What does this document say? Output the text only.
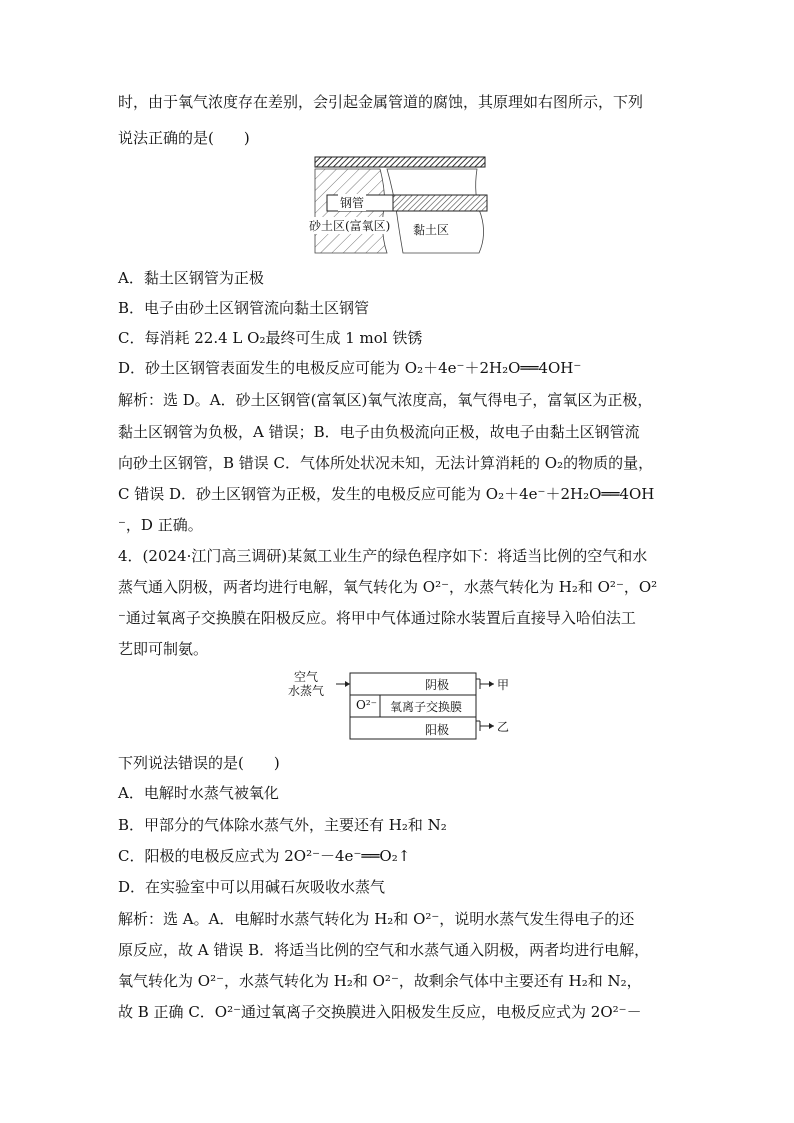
时，由于氧气浓度存在差别，会引起金属管道的腐蚀，其原理如右图所示，下列
说法正确的是(　　)
钢管
砂土区(富氧区) 黏土区
A．黏土区钢管为正极
B．电子由砂土区钢管流向黏土区钢管
C．每消耗 22.4 L O₂最终可生成 1 mol 铁锈
D．砂土区钢管表面发生的电极反应可能为 O₂＋4e⁻＋2H₂O══4OH⁻
解析：选 D。A．砂土区钢管(富氧区)氧气浓度高，氧气得电子，富氧区为正极，
黏土区钢管为负极，A 错误；B．电子由负极流向正极，故电子由黏土区钢管流
向砂土区钢管，B 错误 C．气体所处状况未知，无法计算消耗的 O₂的物质的量，
C 错误 D．砂土区钢管为正极，发生的电极反应可能为 O₂＋4e⁻＋2H₂O══4OH
⁻，D 正确。
4．(2024·江门高三调研)某氮工业生产的绿色程序如下：将适当比例的空气和水
蒸气通入阴极，两者均进行电解，氧气转化为 O²⁻，水蒸气转化为 H₂和 O²⁻，O²
⁻通过氧离子交换膜在阳极反应。将甲中气体通过除水装置后直接导入哈伯法工
艺即可制氨。
空气
水蒸气	阴极
O²⁻ 氧离子交换膜
阳极
甲
乙
下列说法错误的是(　　)
A．电解时水蒸气被氧化
B．甲部分的气体除水蒸气外，主要还有 H₂和 N₂
C．阳极的电极反应式为 2O²⁻－4e⁻══O₂↑
D．在实验室中可以用碱石灰吸收水蒸气
解析：选 A。A．电解时水蒸气转化为 H₂和 O²⁻，说明水蒸气发生得电子的还
原反应，故 A 错误 B．将适当比例的空气和水蒸气通入阴极，两者均进行电解，
氧气转化为 O²⁻，水蒸气转化为 H₂和 O²⁻，故剩余气体中主要还有 H₂和 N₂，
故 B 正确 C．O²⁻通过氧离子交换膜进入阳极发生反应，电极反应式为 2O²⁻－
